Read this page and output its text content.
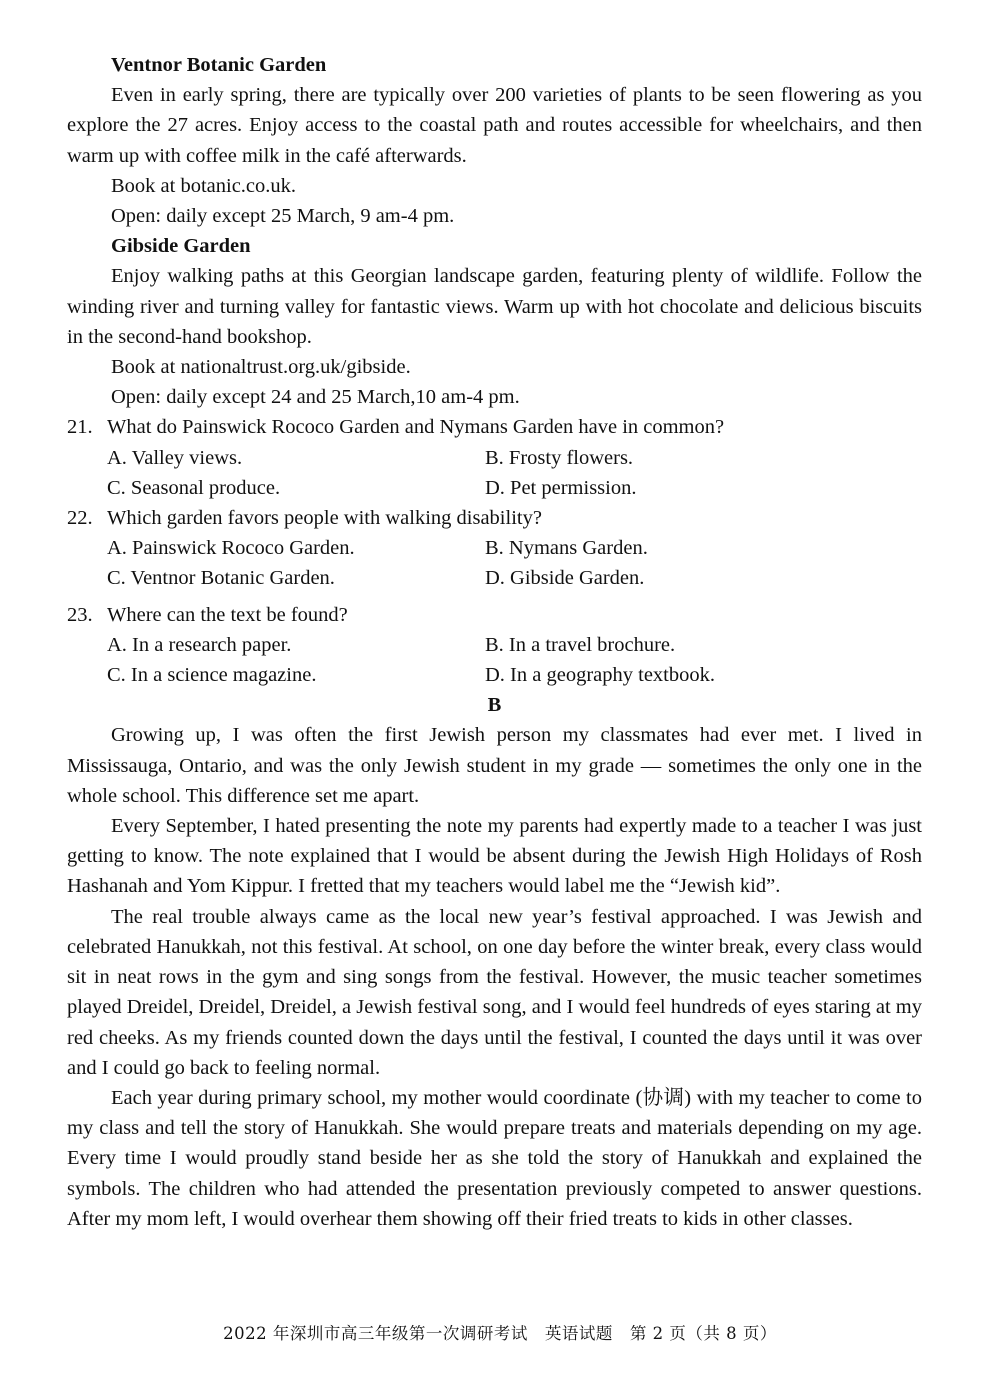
Ventnor Botanic Garden
Even in early spring, there are typically over 200 varieties of plants to be seen flowering as you explore the 27 acres. Enjoy access to the coastal path and routes accessible for wheelchairs, and then warm up with coffee milk in the café afterwards.
Book at botanic.co.uk.
Open: daily except 25 March, 9 am-4 pm.
Gibside Garden
Enjoy walking paths at this Georgian landscape garden, featuring plenty of wildlife. Follow the winding river and turning valley for fantastic views. Warm up with hot chocolate and delicious biscuits in the second-hand bookshop.
Book at nationaltrust.org.uk/gibside.
Open: daily except 24 and 25 March,10 am-4 pm.
21. What do Painswick Rococo Garden and Nymans Garden have in common?
A. Valley views.	B. Frosty flowers.
C. Seasonal produce.	D. Pet permission.
22. Which garden favors people with walking disability?
A. Painswick Rococo Garden.	B. Nymans Garden.
C. Ventnor Botanic Garden.	D. Gibside Garden.
23. Where can the text be found?
A. In a research paper.	B. In a travel brochure.
C. In a science magazine.	D. In a geography textbook.
B
Growing up, I was often the first Jewish person my classmates had ever met. I lived in Mississauga, Ontario, and was the only Jewish student in my grade — sometimes the only one in the whole school. This difference set me apart.
Every September, I hated presenting the note my parents had expertly made to a teacher I was just getting to know. The note explained that I would be absent during the Jewish High Holidays of Rosh Hashanah and Yom Kippur. I fretted that my teachers would label me the “Jewish kid”.
The real trouble always came as the local new year’s festival approached. I was Jewish and celebrated Hanukkah, not this festival. At school, on one day before the winter break, every class would sit in neat rows in the gym and sing songs from the festival. However, the music teacher sometimes played Dreidel, Dreidel, Dreidel, a Jewish festival song, and I would feel hundreds of eyes staring at my red cheeks. As my friends counted down the days until the festival, I counted the days until it was over and I could go back to feeling normal.
Each year during primary school, my mother would coordinate (协调) with my teacher to come to my class and tell the story of Hanukkah. She would prepare treats and materials depending on my age. Every time I would proudly stand beside her as she told the story of Hanukkah and explained the symbols. The children who had attended the presentation previously competed to answer questions. After my mom left, I would overhear them showing off their fried treats to kids in other classes.
2022 年深圳市高三年级第一次调研考试　英语试题　第 2 页（共 8 页）
